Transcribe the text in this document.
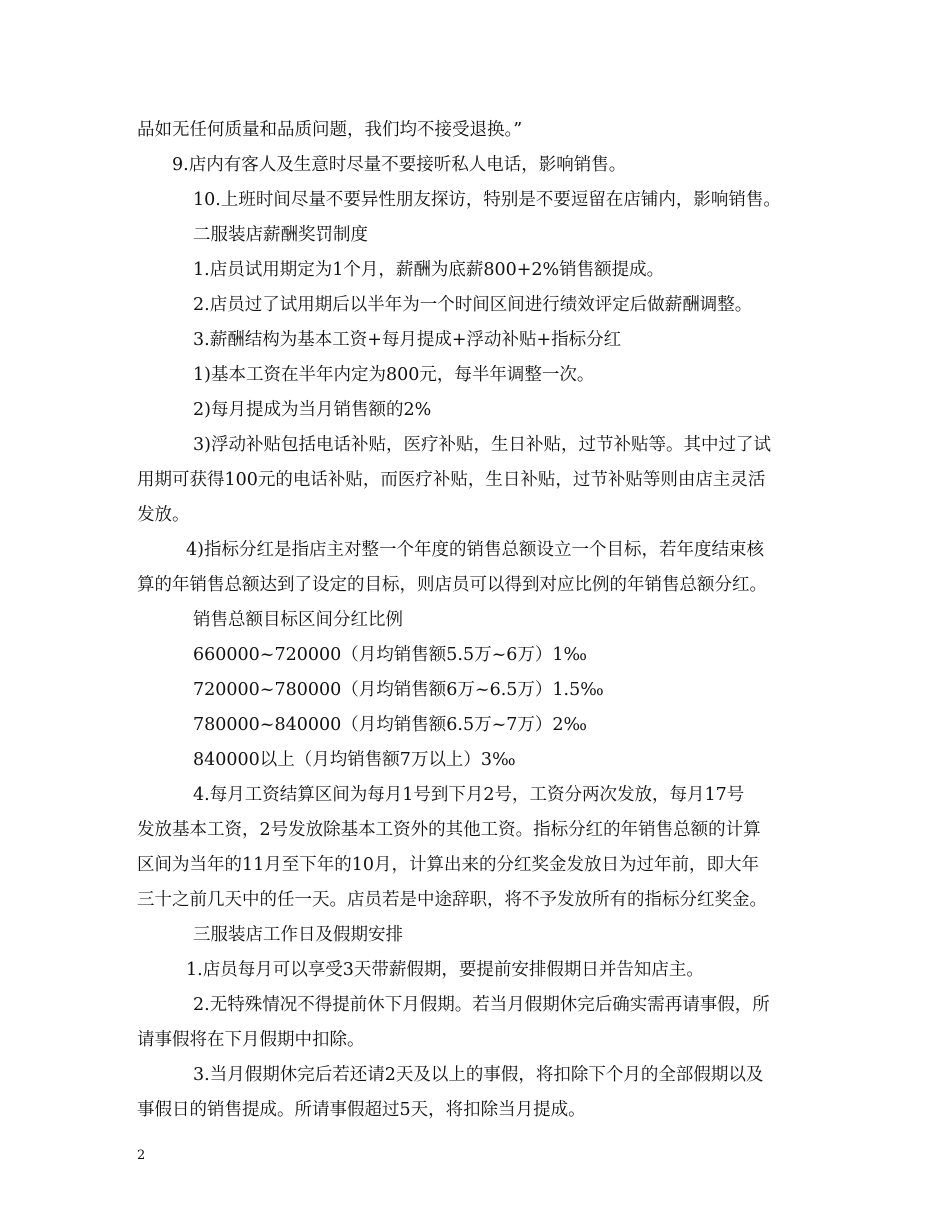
品如无任何质量和品质问题，我们均不接受退换。”

9.店内有客人及生意时尽量不要接听私人电话，影响销售。

10.上班时间尽量不要异性朋友探访，特别是不要逗留在店铺内，影响销售。

二服装店薪酬奖罚制度

1.店员试用期定为1个月，薪酬为底薪800+2%销售额提成。

2.店员过了试用期后以半年为一个时间区间进行绩效评定后做薪酬调整。

3.薪酬结构为基本工资+每月提成+浮动补贴+指标分红

1)基本工资在半年内定为800元，每半年调整一次。

2)每月提成为当月销售额的2%

3)浮动补贴包括电话补贴，医疗补贴，生日补贴，过节补贴等。其中过了试

用期可获得100元的电话补贴，而医疗补贴，生日补贴，过节补贴等则由店主灵活

发放。

4)指标分红是指店主对整一个年度的销售总额设立一个目标，若年度结束核

算的年销售总额达到了设定的目标，则店员可以得到对应比例的年销售总额分红。

销售总额目标区间分红比例

660000~720000（月均销售额5.5万~6万）1‰

720000~780000（月均销售额6万~6.5万）1.5‰

780000~840000（月均销售额6.5万~7万）2‰

840000以上（月均销售额7万以上）3‰

4.每月工资结算区间为每月1号到下月2号，工资分两次发放，每月17号

发放基本工资，2号发放除基本工资外的其他工资。指标分红的年销售总额的计算

区间为当年的11月至下年的10月，计算出来的分红奖金发放日为过年前，即大年

三十之前几天中的任一天。店员若是中途辞职，将不予发放所有的指标分红奖金。

三服装店工作日及假期安排

1.店员每月可以享受3天带薪假期，要提前安排假期日并告知店主。

2.无特殊情况不得提前休下月假期。若当月假期休完后确实需再请事假，所

请事假将在下月假期中扣除。

3.当月假期休完后若还请2天及以上的事假，将扣除下个月的全部假期以及

事假日的销售提成。所请事假超过5天，将扣除当月提成。

2
